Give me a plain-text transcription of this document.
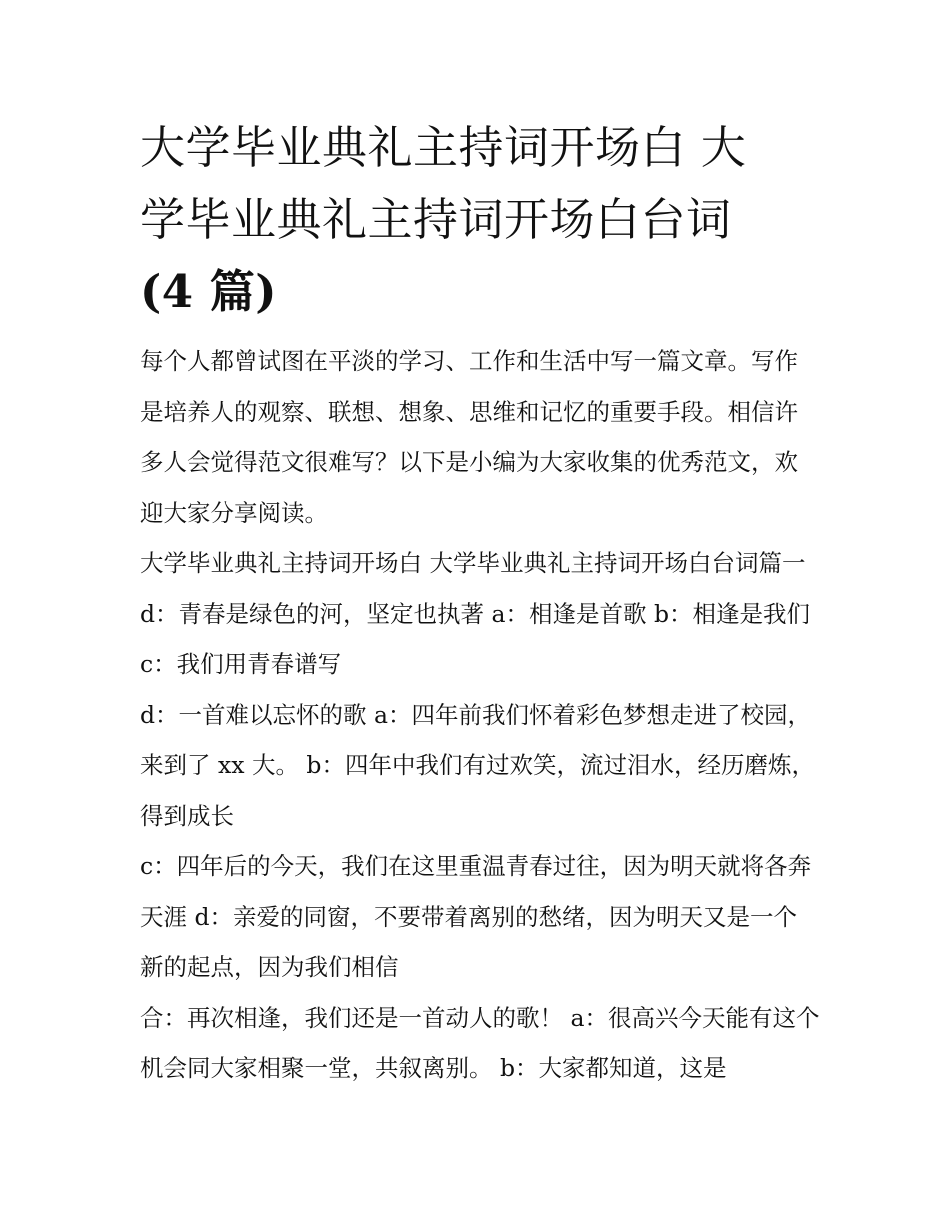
大学毕业典礼主持词开场白 大
学毕业典礼主持词开场白台词
(4 篇)

每个人都曾试图在平淡的学习、工作和生活中写一篇文章。写作是培养人的观察、联想、想象、思维和记忆的重要手段。相信许多人会觉得范文很难写？以下是小编为大家收集的优秀范文，欢迎大家分享阅读。

大学毕业典礼主持词开场白 大学毕业典礼主持词开场白台词篇一 d：青春是绿色的河，坚定也执著 a：相逢是首歌 b：相逢是我们 c：我们用青春谱写

d：一首难以忘怀的歌 a：四年前我们怀着彩色梦想走进了校园，来到了 xx 大。 b：四年中我们有过欢笑，流过泪水，经历磨炼，得到成长

c：四年后的今天，我们在这里重温青春过往，因为明天就将各奔天涯 d：亲爱的同窗，不要带着离别的愁绪，因为明天又是一个新的起点，因为我们相信

合：再次相逢，我们还是一首动人的歌！ a：很高兴今天能有这个机会同大家相聚一堂，共叙离别。 b：大家都知道，这是
